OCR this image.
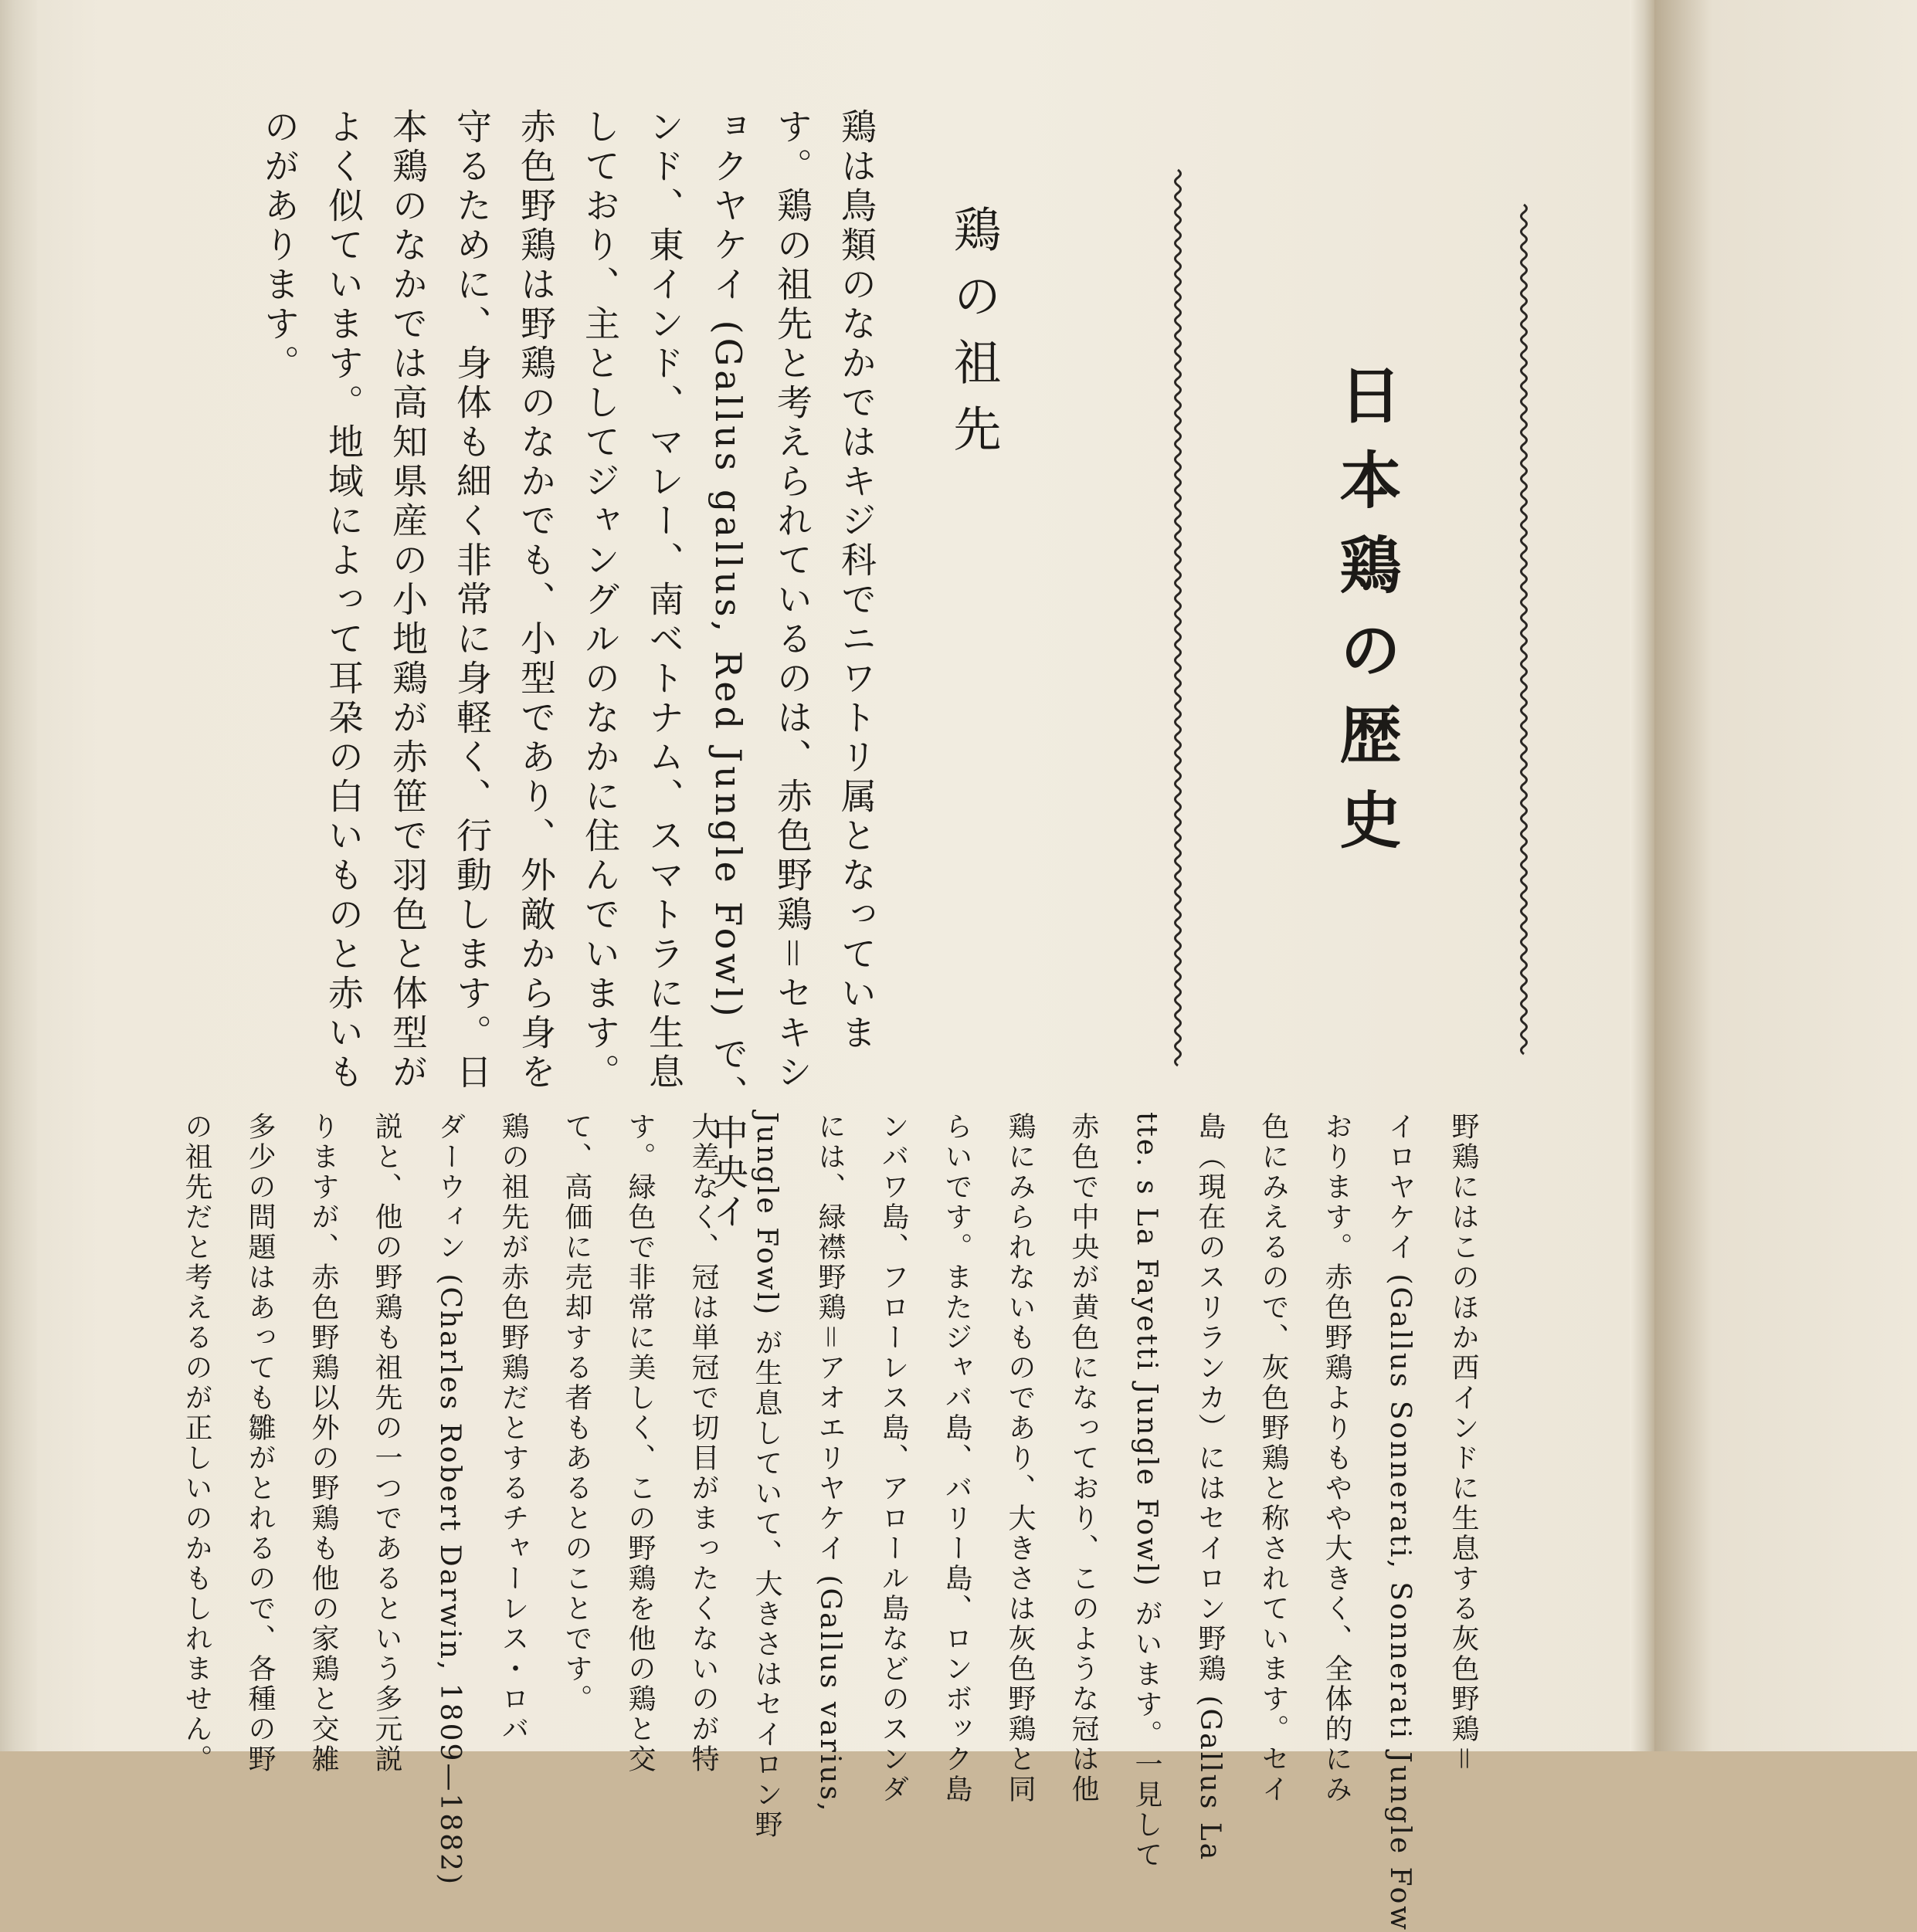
日本鶏の歴史
鶏の祖先
鶏は鳥類のなかではキジ科でニワトリ属となっていま
す。鶏の祖先と考えられているのは、赤色野鶏＝セキシ
ョクヤケイ (Gallus gallus, Red Jungle Fowl) で、中央イ
ンド、東インド、マレー、南ベトナム、スマトラに生息
しており、主としてジャングルのなかに住んでいます。
赤色野鶏は野鶏のなかでも、小型であり、外敵から身を
守るために、身体も細く非常に身軽く、行動します。日
本鶏のなかでは高知県産の小地鶏が赤笹で羽色と体型が
よく似ています。地域によって耳朶の白いものと赤いも
のがあります。
野鶏にはこのほか西インドに生息する灰色野鶏＝
イロヤケイ (Gallus Sonnerati, Sonnerati Jungle Fow
おります。赤色野鶏よりもやや大きく、全体的にみ
色にみえるので、灰色野鶏と称されています。セイ
島（現在のスリランカ）にはセイロン野鶏 (Gallus La
tte. s La Fayetti Jungle Fowl) がいます。一見して
赤色で中央が黄色になっており、このような冠は他
鶏にみられないものであり、大きさは灰色野鶏と同
らいです。またジャバ島、バリー島、ロンボック島
ンバワ島、フローレス島、アロール島などのスンダ
には、緑襟野鶏＝アオエリヤケイ (Gallus varius,
Jungle Fowl) が生息していて、大きさはセイロン野
大差なく、冠は単冠で切目がまったくないのが特
す。緑色で非常に美しく、この野鶏を他の鶏と交
て、高価に売却する者もあるとのことです。
鶏の祖先が赤色野鶏だとするチャーレス・ロバ
ダーウィン (Charles Robert Darwin, 1809—1882)
説と、他の野鶏も祖先の一つであるという多元説
りますが、赤色野鶏以外の野鶏も他の家鶏と交雑
多少の問題はあっても雛がとれるので、各種の野
の祖先だと考えるのが正しいのかもしれません。
